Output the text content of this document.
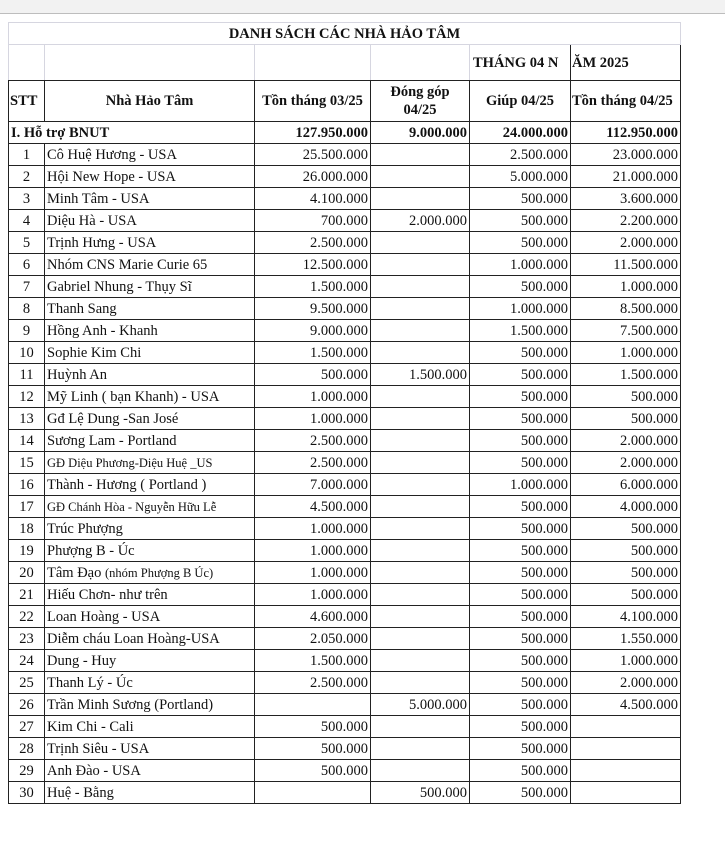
DANH SÁCH CÁC NHÀ HẢO TÂM					
				THÁNG 04 N	ĂM 2025
STT	Nhà Hảo Tâm	Tồn tháng 03/25	Đóng góp 04/25	Giúp 04/25	Tồn tháng 04/25
I. Hỗ trợ BNUT		127.950.000	9.000.000	24.000.000	112.950.000
1	Cô Huệ Hương - USA	25.500.000		2.500.000	23.000.000
2	Hội New Hope - USA	26.000.000		5.000.000	21.000.000
3	Minh Tâm - USA	4.100.000		500.000	3.600.000
4	Diệu Hà - USA	700.000	2.000.000	500.000	2.200.000
5	Trịnh Hưng - USA	2.500.000		500.000	2.000.000
6	Nhóm CNS Marie Curie 65	12.500.000		1.000.000	11.500.000
7	Gabriel Nhung - Thụy Sĩ	1.500.000		500.000	1.000.000
8	Thanh Sang	9.500.000		1.000.000	8.500.000
9	Hồng Anh - Khanh	9.000.000		1.500.000	7.500.000
10	Sophie Kim Chi	1.500.000		500.000	1.000.000
11	Huỳnh An	500.000	1.500.000	500.000	1.500.000
12	Mỹ Linh ( bạn Khanh) - USA	1.000.000		500.000	500.000
13	Gđ Lệ Dung -San José	1.000.000		500.000	500.000
14	Sương Lam - Portland	2.500.000		500.000	2.000.000
15	GĐ Diệu Phương-Diệu Huệ _US	2.500.000		500.000	2.000.000
16	Thành - Hương ( Portland )	7.000.000		1.000.000	6.000.000
17	GĐ Chánh Hòa - Nguyễn Hữu Lễ	4.500.000		500.000	4.000.000
18	Trúc Phượng	1.000.000		500.000	500.000
19	Phượng B - Úc	1.000.000		500.000	500.000
20	Tâm Đạo (nhóm Phượng B Úc)	1.000.000		500.000	500.000
21	Hiếu Chơn- như trên	1.000.000		500.000	500.000
22	Loan Hoàng - USA	4.600.000		500.000	4.100.000
23	Diễm cháu Loan Hoàng-USA	2.050.000		500.000	1.550.000
24	Dung - Huy	1.500.000		500.000	1.000.000
25	Thanh Lý - Úc	2.500.000		500.000	2.000.000
26	Trần Minh Sương (Portland)		5.000.000	500.000	4.500.000
27	Kim Chi - Cali	500.000		500.000	
28	Trịnh Siêu - USA	500.000		500.000	
29	Anh Đào - USA	500.000		500.000	
30	Huệ - Bằng		500.000	500.000	
